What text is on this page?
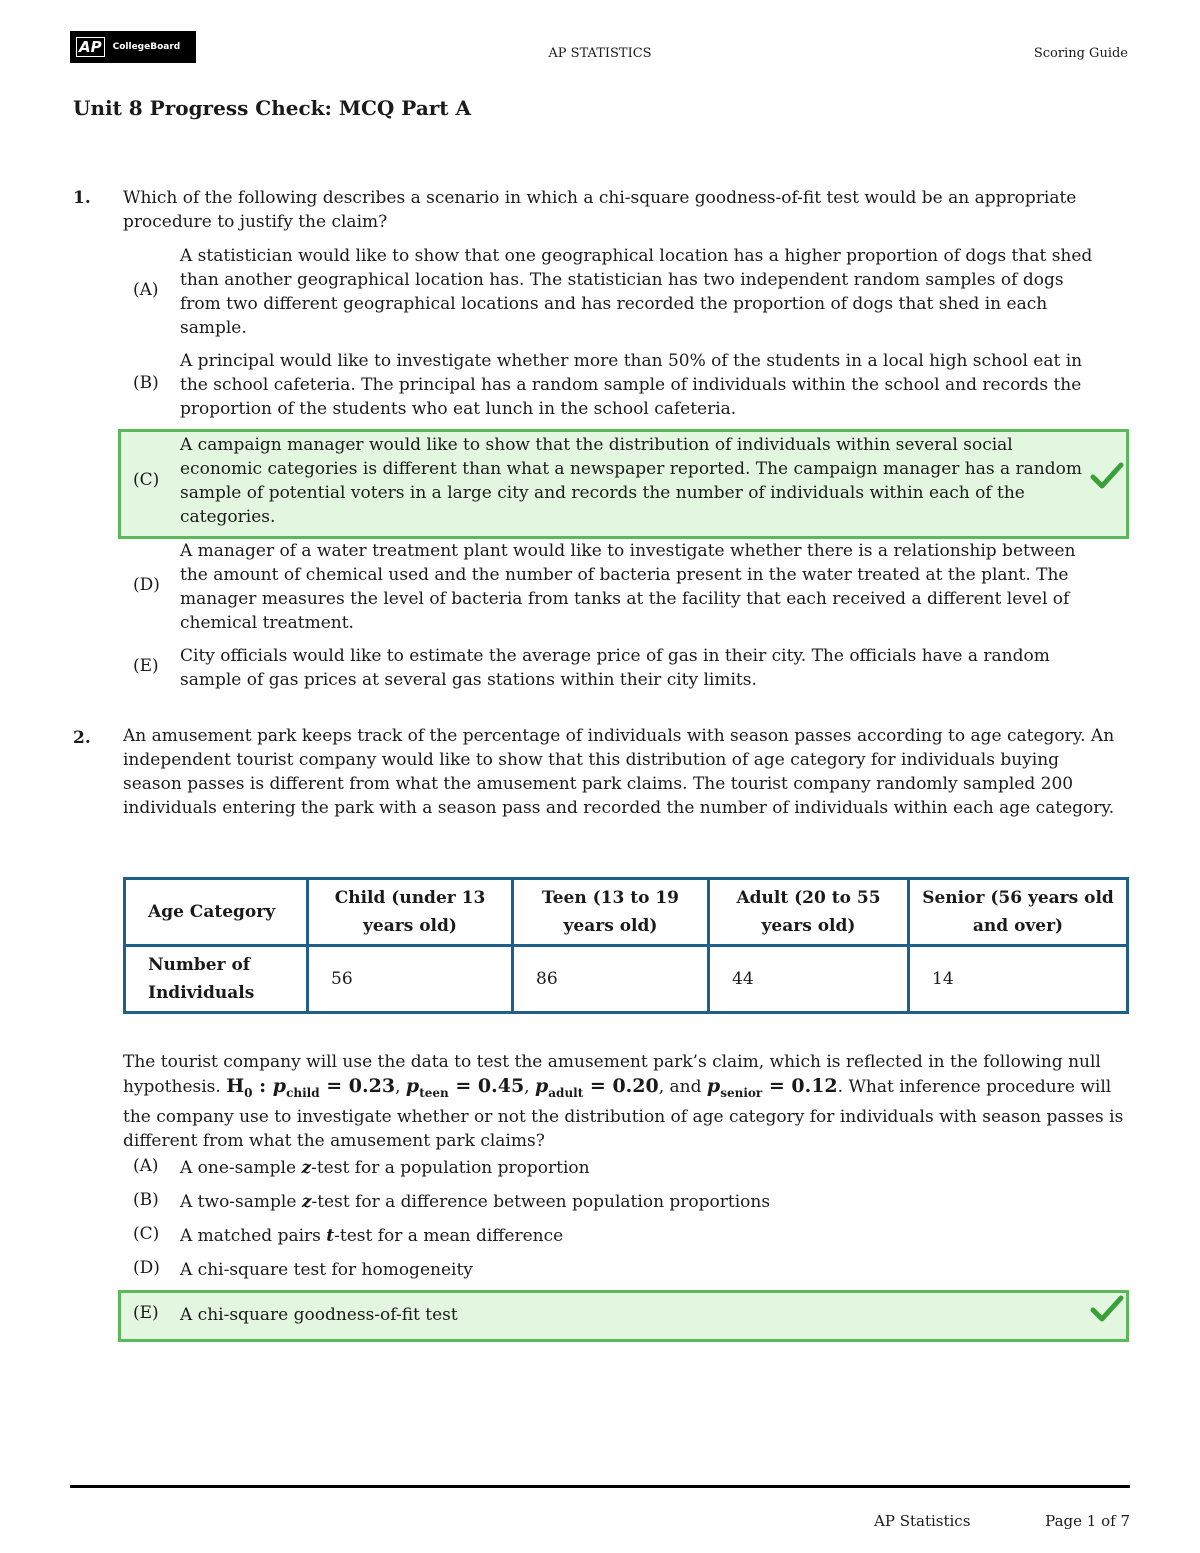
AP	CollegeBoard	AP STATISTICS	Scoring Guide
Unit 8 Progress Check: MCQ Part A
1. Which of the following describes a scenario in which a chi-square goodness-of-fit test would be an appropriate procedure to justify the claim?
(A)
A statistician would like to show that one geographical location has a higher proportion of dogs that shed than another geographical location has. The statistician has two independent random samples of dogs from two different geographical locations and has recorded the proportion of dogs that shed in each sample.
(B)
A principal would like to investigate whether more than 50% of the students in a local high school eat in the school cafeteria. The principal has a random sample of individuals within the school and records the proportion of the students who eat lunch in the school cafeteria.
(C)
A campaign manager would like to show that the distribution of individuals within several social economic categories is different than what a newspaper reported. The campaign manager has a random sample of potential voters in a large city and records the number of individuals within each of the categories.
(D)
A manager of a water treatment plant would like to investigate whether there is a relationship between the amount of chemical used and the number of bacteria present in the water treated at the plant. The manager measures the level of bacteria from tanks at the facility that each received a different level of chemical treatment.
(E) City officials would like to estimate the average price of gas in their city. The officials have a random sample of gas prices at several gas stations within their city limits.
2. An amusement park keeps track of the percentage of individuals with season passes according to age category. An independent tourist company would like to show that this distribution of age category for individuals buying season passes is different from what the amusement park claims. The tourist company randomly sampled 200 individuals entering the park with a season pass and recorded the number of individuals within each age category.
Age Category	Child (under 13 years old)	Teen (13 to 19 years old)	Adult (20 to 55 years old)	Senior (56 years old and over)
Number of Individuals	56	86	44	14
The tourist company will use the data to test the amusement park’s claim, which is reflected in the following null hypothesis. $H_0$ : $p_{child} = 0.23$, $p_{teen} = 0.45$, $p_{adult} = 0.20$, and $p_{senior} = 0.12$. What inference procedure will the company use to investigate whether or not the distribution of age category for individuals with season passes is different from what the amusement park claims?
(A) A one-sample z-test for a population proportion
(B) A two-sample z-test for a difference between population proportions
(C) A matched pairs t-test for a mean difference
(D) A chi-square test for homogeneity
(E) A chi-square goodness-of-fit test
AP Statistics	Page 1 of 7
